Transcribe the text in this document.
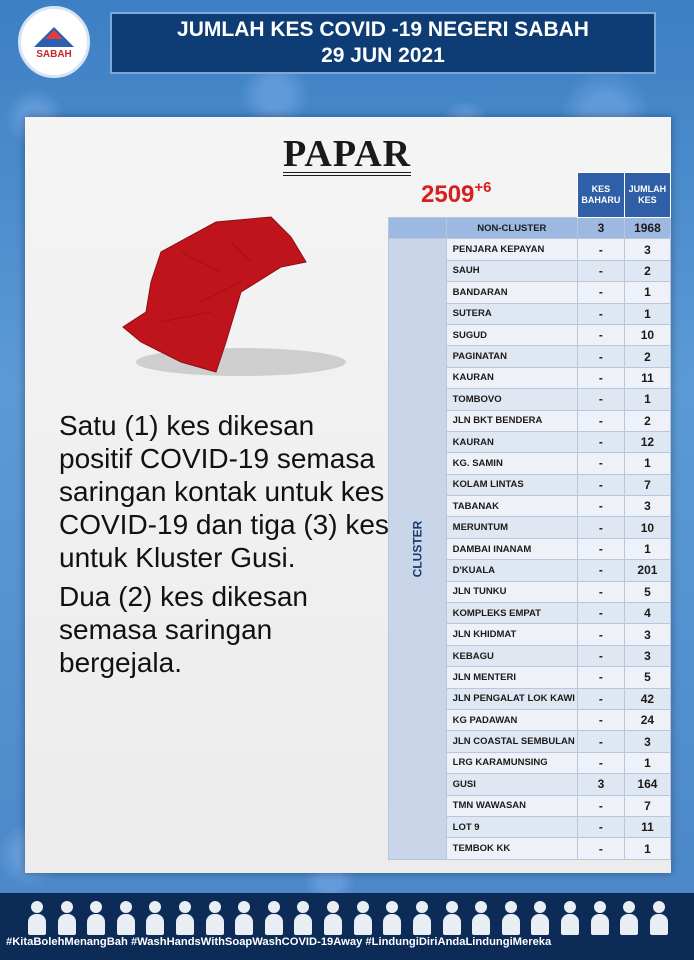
SABAH
JUMLAH KES COVID -19 NEGERI SABAH
29 JUN 2021
PAPAR
$2509^{+6}$

Satu (1) kes dikesan positif COVID-19 semasa saringan kontak untuk kes COVID-19 dan tiga (3) kes untuk Kluster Gusi.

Dua (2) kes dikesan semasa saringan bergejala.

		KES BAHARU	JUMLAH KES
	NON-CLUSTER	3	1968
CLUSTER	PENJARA KEPAYAN	-	3
	SAUH	-	2
	BANDARAN	-	1
	SUTERA	-	1
	SUGUD	-	10
	PAGINATAN	-	2
	KAURAN	-	11
	TOMBOVO	-	1
	JLN BKT BENDERA	-	2
	KAURAN	-	12
	KG. SAMIN	-	1
	KOLAM LINTAS	-	7
	TABANAK	-	3
	MERUNTUM	-	10
	DAMBAI INANAM	-	1
	D'KUALA	-	201
	JLN TUNKU	-	5
	KOMPLEKS EMPAT	-	4
	JLN KHIDMAT	-	3
	KEBAGU	-	3
	JLN MENTERI	-	5
	JLN PENGALAT LOK KAWI	-	42
	KG PADAWAN	-	24
	JLN COASTAL SEMBULAN	-	3
	LRG KARAMUNSING	-	1
	GUSI	3	164
	TMN WAWASAN	-	7
	LOT 9	-	11
	TEMBOK KK	-	1
#KitaBolehMenangBah #WashHandsWithSoapWashCOVID-19Away #LindungiDiriAndaLindungiMereka
